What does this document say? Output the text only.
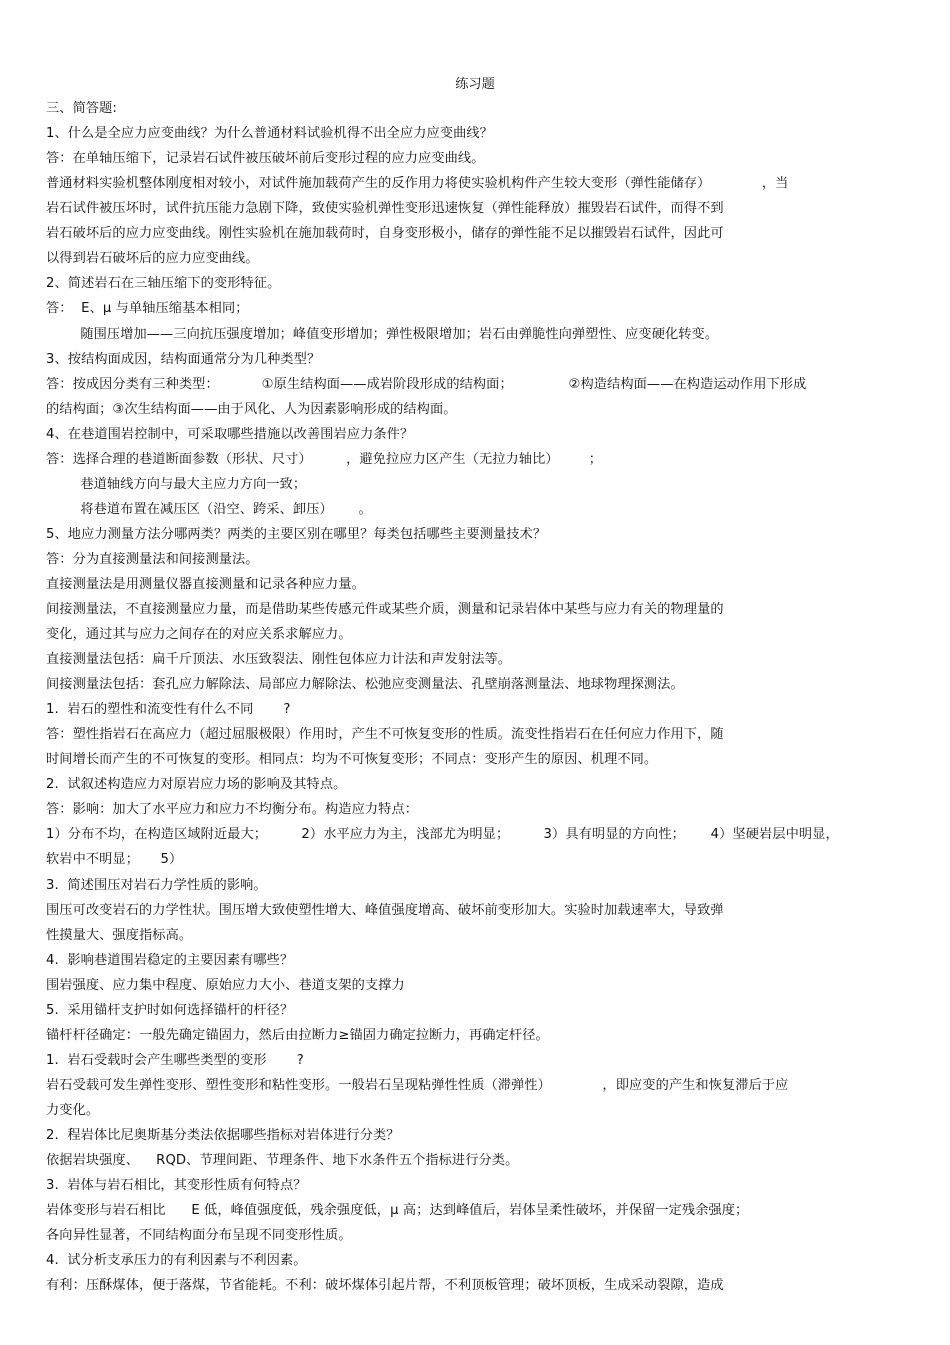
练习题
三、简答题:
1、什么是全应力应变曲线？为什么普通材料试验机得不出全应力应变曲线？
答：在单轴压缩下，记录岩石试件被压破坏前后变形过程的应力应变曲线。
普通材料实验机整体刚度相对较小，对试件施加载荷产生的反作用力将使实验机构件产生较大变形（弹性能储存）            ，当
岩石试件被压坏时，试件抗压能力急剧下降，致使实验机弹性变形迅速恢复（弹性能释放）摧毁岩石试件，而得不到
岩石破坏后的应力应变曲线。刚性实验机在施加载荷时，自身变形极小，储存的弹性能不足以摧毁岩石试件，因此可
以得到岩石破坏后的应力应变曲线。
2、简述岩石在三轴压缩下的变形特征。
答：  E、μ 与单轴压缩基本相同；
随围压增加——三向抗压强度增加；峰值变形增加；弹性极限增加；岩石由弹脆性向弹塑性、应变硬化转变。
3、按结构面成因，结构面通常分为几种类型？
答：按成因分类有三种类型：          ①原生结构面——成岩阶段形成的结构面；             ②构造结构面——在构造运动作用下形成
的结构面；③次生结构面——由于风化、人为因素影响形成的结构面。
4、在巷道围岩控制中，可采取哪些措施以改善围岩应力条件？
答：选择合理的巷道断面参数（形状、尺寸）        ，避免拉应力区产生（无拉力轴比）       ；
巷道轴线方向与最大主应力方向一致；
将巷道布置在减压区（沿空、跨采、卸压）      。
5、地应力测量方法分哪两类？两类的主要区别在哪里？每类包括哪些主要测量技术？
答：分为直接测量法和间接测量法。
直接测量法是用测量仪器直接测量和记录各种应力量。
间接测量法，不直接测量应力量，而是借助某些传感元件或某些介质，测量和记录岩体中某些与应力有关的物理量的
变化，通过其与应力之间存在的对应关系求解应力。
直接测量法包括：扁千斤顶法、水压致裂法、刚性包体应力计法和声发射法等。
间接测量法包括：套孔应力解除法、局部应力解除法、松弛应变测量法、孔壁崩落测量法、地球物理探测法。
1.  岩石的塑性和流变性有什么不同       ?
答：塑性指岩石在高应力（超过屈服极限）作用时，产生不可恢复变形的性质。流变性指岩石在任何应力作用下，随
时间增长而产生的不可恢复的变形。相同点：均为不可恢复变形；不同点：变形产生的原因、机理不同。
2.  试叙述构造应力对原岩应力场的影响及其特点。
答：影响：加大了水平应力和应力不均衡分布。构造应力特点：
1）分布不均，在构造区域附近最大；        2）水平应力为主，浅部尤为明显；        3）具有明显的方向性；      4）坚硬岩层中明显，
软岩中不明显；     5）
3.  简述围压对岩石力学性质的影响。
围压可改变岩石的力学性状。围压增大致使塑性增大、峰值强度增高、破坏前变形加大。实验时加载速率大，导致弹
性摸量大、强度指标高。
4.  影响巷道围岩稳定的主要因素有哪些？
围岩强度、应力集中程度、原始应力大小、巷道支架的支撑力
5.  采用锚杆支护时如何选择锚杆的杆径？
锚杆杆径确定：一般先确定锚固力，然后由拉断力≥锚固力确定拉断力，再确定杆径。
1.  岩石受载时会产生哪些类型的变形       ?
岩石受载可发生弹性变形、塑性变形和粘性变形。一般岩石呈现粘弹性性质（滞弹性）            ，即应变的产生和恢复滞后于应
力变化。
2.  程岩体比尼奥斯基分类法依据哪些指标对岩体进行分类？
依据岩块强度、    RQD、节理间距、节理条件、地下水条件五个指标进行分类。
3.  岩体与岩石相比，其变形性质有何特点？
岩体变形与岩石相比      E 低，峰值强度低，残余强度低，μ 高；达到峰值后，岩体呈柔性破坏，并保留一定残余强度；
各向异性显著，不同结构面分布呈现不同变形性质。
4.  试分析支承压力的有利因素与不利因素。
有利：压酥煤体，便于落煤，节省能耗。不利：破坏煤体引起片帮，不利顶板管理；破坏顶板，生成采动裂隙，造成
